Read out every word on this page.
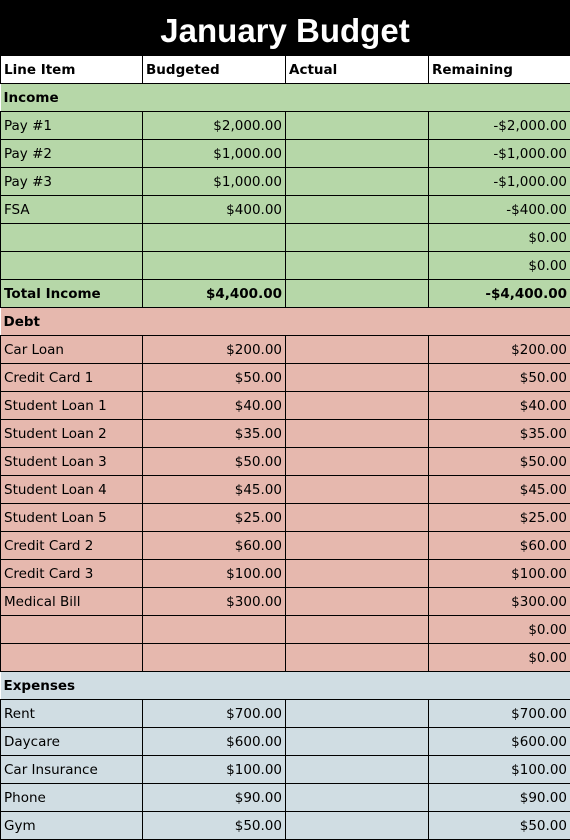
January Budget
Line Item	Budgeted	Actual	Remaining
Income			
Pay #1	$2,000.00		-$2,000.00
Pay #2	$1,000.00		-$1,000.00
Pay #3	$1,000.00		-$1,000.00
FSA	$400.00		-$400.00
			$0.00
			$0.00
Total Income	$4,400.00		-$4,400.00
Debt			
Car Loan	$200.00		$200.00
Credit Card 1	$50.00		$50.00
Student Loan 1	$40.00		$40.00
Student Loan 2	$35.00		$35.00
Student Loan 3	$50.00		$50.00
Student Loan 4	$45.00		$45.00
Student Loan 5	$25.00		$25.00
Credit Card 2	$60.00		$60.00
Credit Card 3	$100.00		$100.00
Medical Bill	$300.00		$300.00
			$0.00
			$0.00
Expenses			
Rent	$700.00		$700.00
Daycare	$600.00		$600.00
Car Insurance	$100.00		$100.00
Phone	$90.00		$90.00
Gym	$50.00		$50.00
